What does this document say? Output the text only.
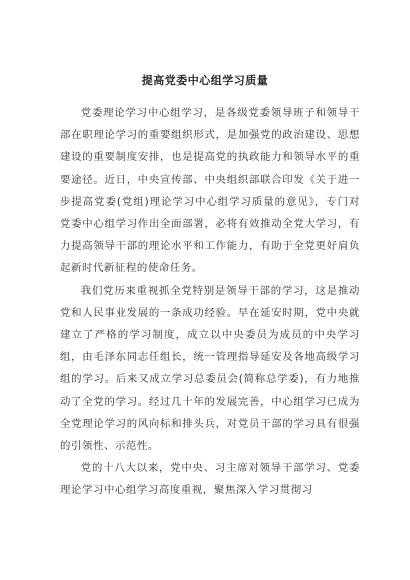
提高党委中心组学习质量

党委理论学习中心组学习，是各级党委领导班子和领导干部在职理论学习的重要组织形式，是加强党的政治建设、思想建设的重要制度安排，也是提高党的执政能力和领导水平的重要途径。近日，中央宣传部、中央组织部联合印发《关于进一步提高党委(党组)理论学习中心组学习质量的意见》，专门对党委中心组学习作出全面部署，必将有效推动全党大学习，有力提高领导干部的理论水平和工作能力，有助于全党更好肩负起新时代新征程的使命任务。

我们党历来重视抓全党特别是领导干部的学习，这是推动党和人民事业发展的一条成功经验。早在延安时期，党中央就建立了严格的学习制度，成立以中央委员为成员的中央学习组，由毛泽东同志任组长，统一管理指导延安及各地高级学习组的学习。后来又成立学习总委员会(简称总学委)，有力地推动了全党的学习。经过几十年的发展完善，中心组学习已成为全党理论学习的风向标和排头兵，对党员干部的学习具有很强的引领性、示范性。

党的十八大以来，党中央、习主席对领导干部学习、党委理论学习中心组学习高度重视，聚焦深入学习贯彻习
